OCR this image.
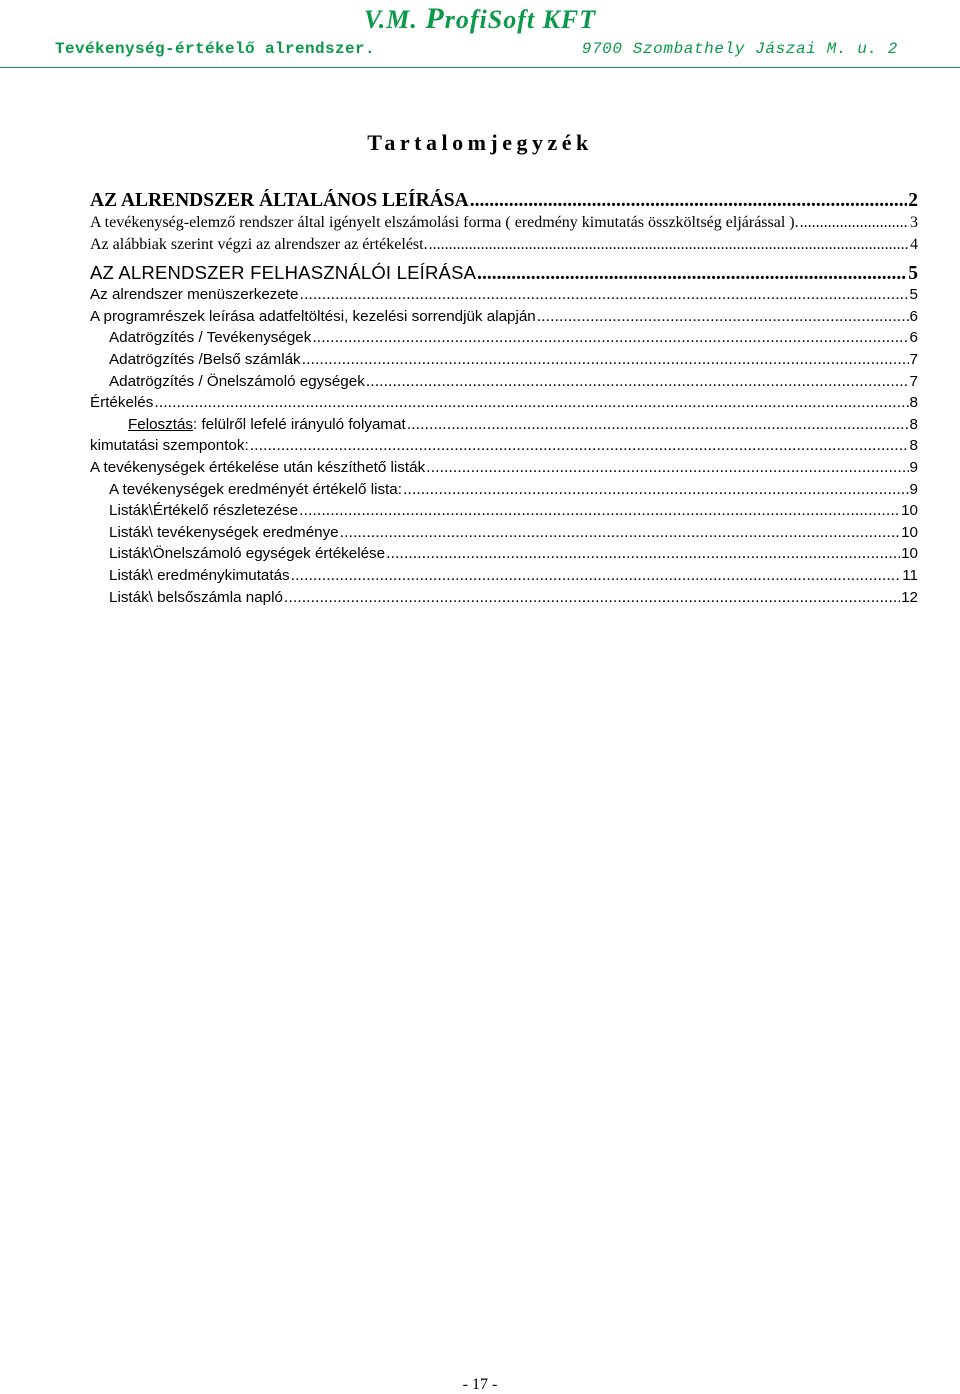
V.M. ProfiSoft KFT
Tevékenység-értékelő alrendszer.	9700 Szombathely Jászai M. u. 2
Tartalomjegyzék
AZ ALRENDSZER ÁLTALÁNOS LEÍRÁSA .....	2
A tevékenység-elemző rendszer által igényelt elszámolási forma ( eredmény kimutatás összköltség eljárással ). .....	3
Az alábbiak szerint végzi az alrendszer az értékelést. .....	4
AZ ALRENDSZER FELHASZNÁLÓI LEÍRÁSA .....	5
Az alrendszer menüszerkezete .....	5
A programrészek leírása adatfeltöltési, kezelési sorrendjük alapján .....	6
Adatrögzítés / Tevékenységek .....	6
Adatrögzítés /Belső számlák .....	7
Adatrögzítés / Önelszámoló egységek .....	7
Értékelés .....	8
Felosztás: felülről lefelé irányuló folyamat .....	8
kimutatási szempontok: .....	8
A tevékenységek értékelése után készíthető listák .....	9
A tevékenységek eredményét értékelő lista: .....	9
Listák\Értékelő részletezése .....	10
Listák\ tevékenységek eredménye .....	10
Listák\Önelszámoló egységek értékelése .....	10
Listák\ eredménykimutatás .....	11
Listák\ belsőszámla napló .....	12
- 17 -
